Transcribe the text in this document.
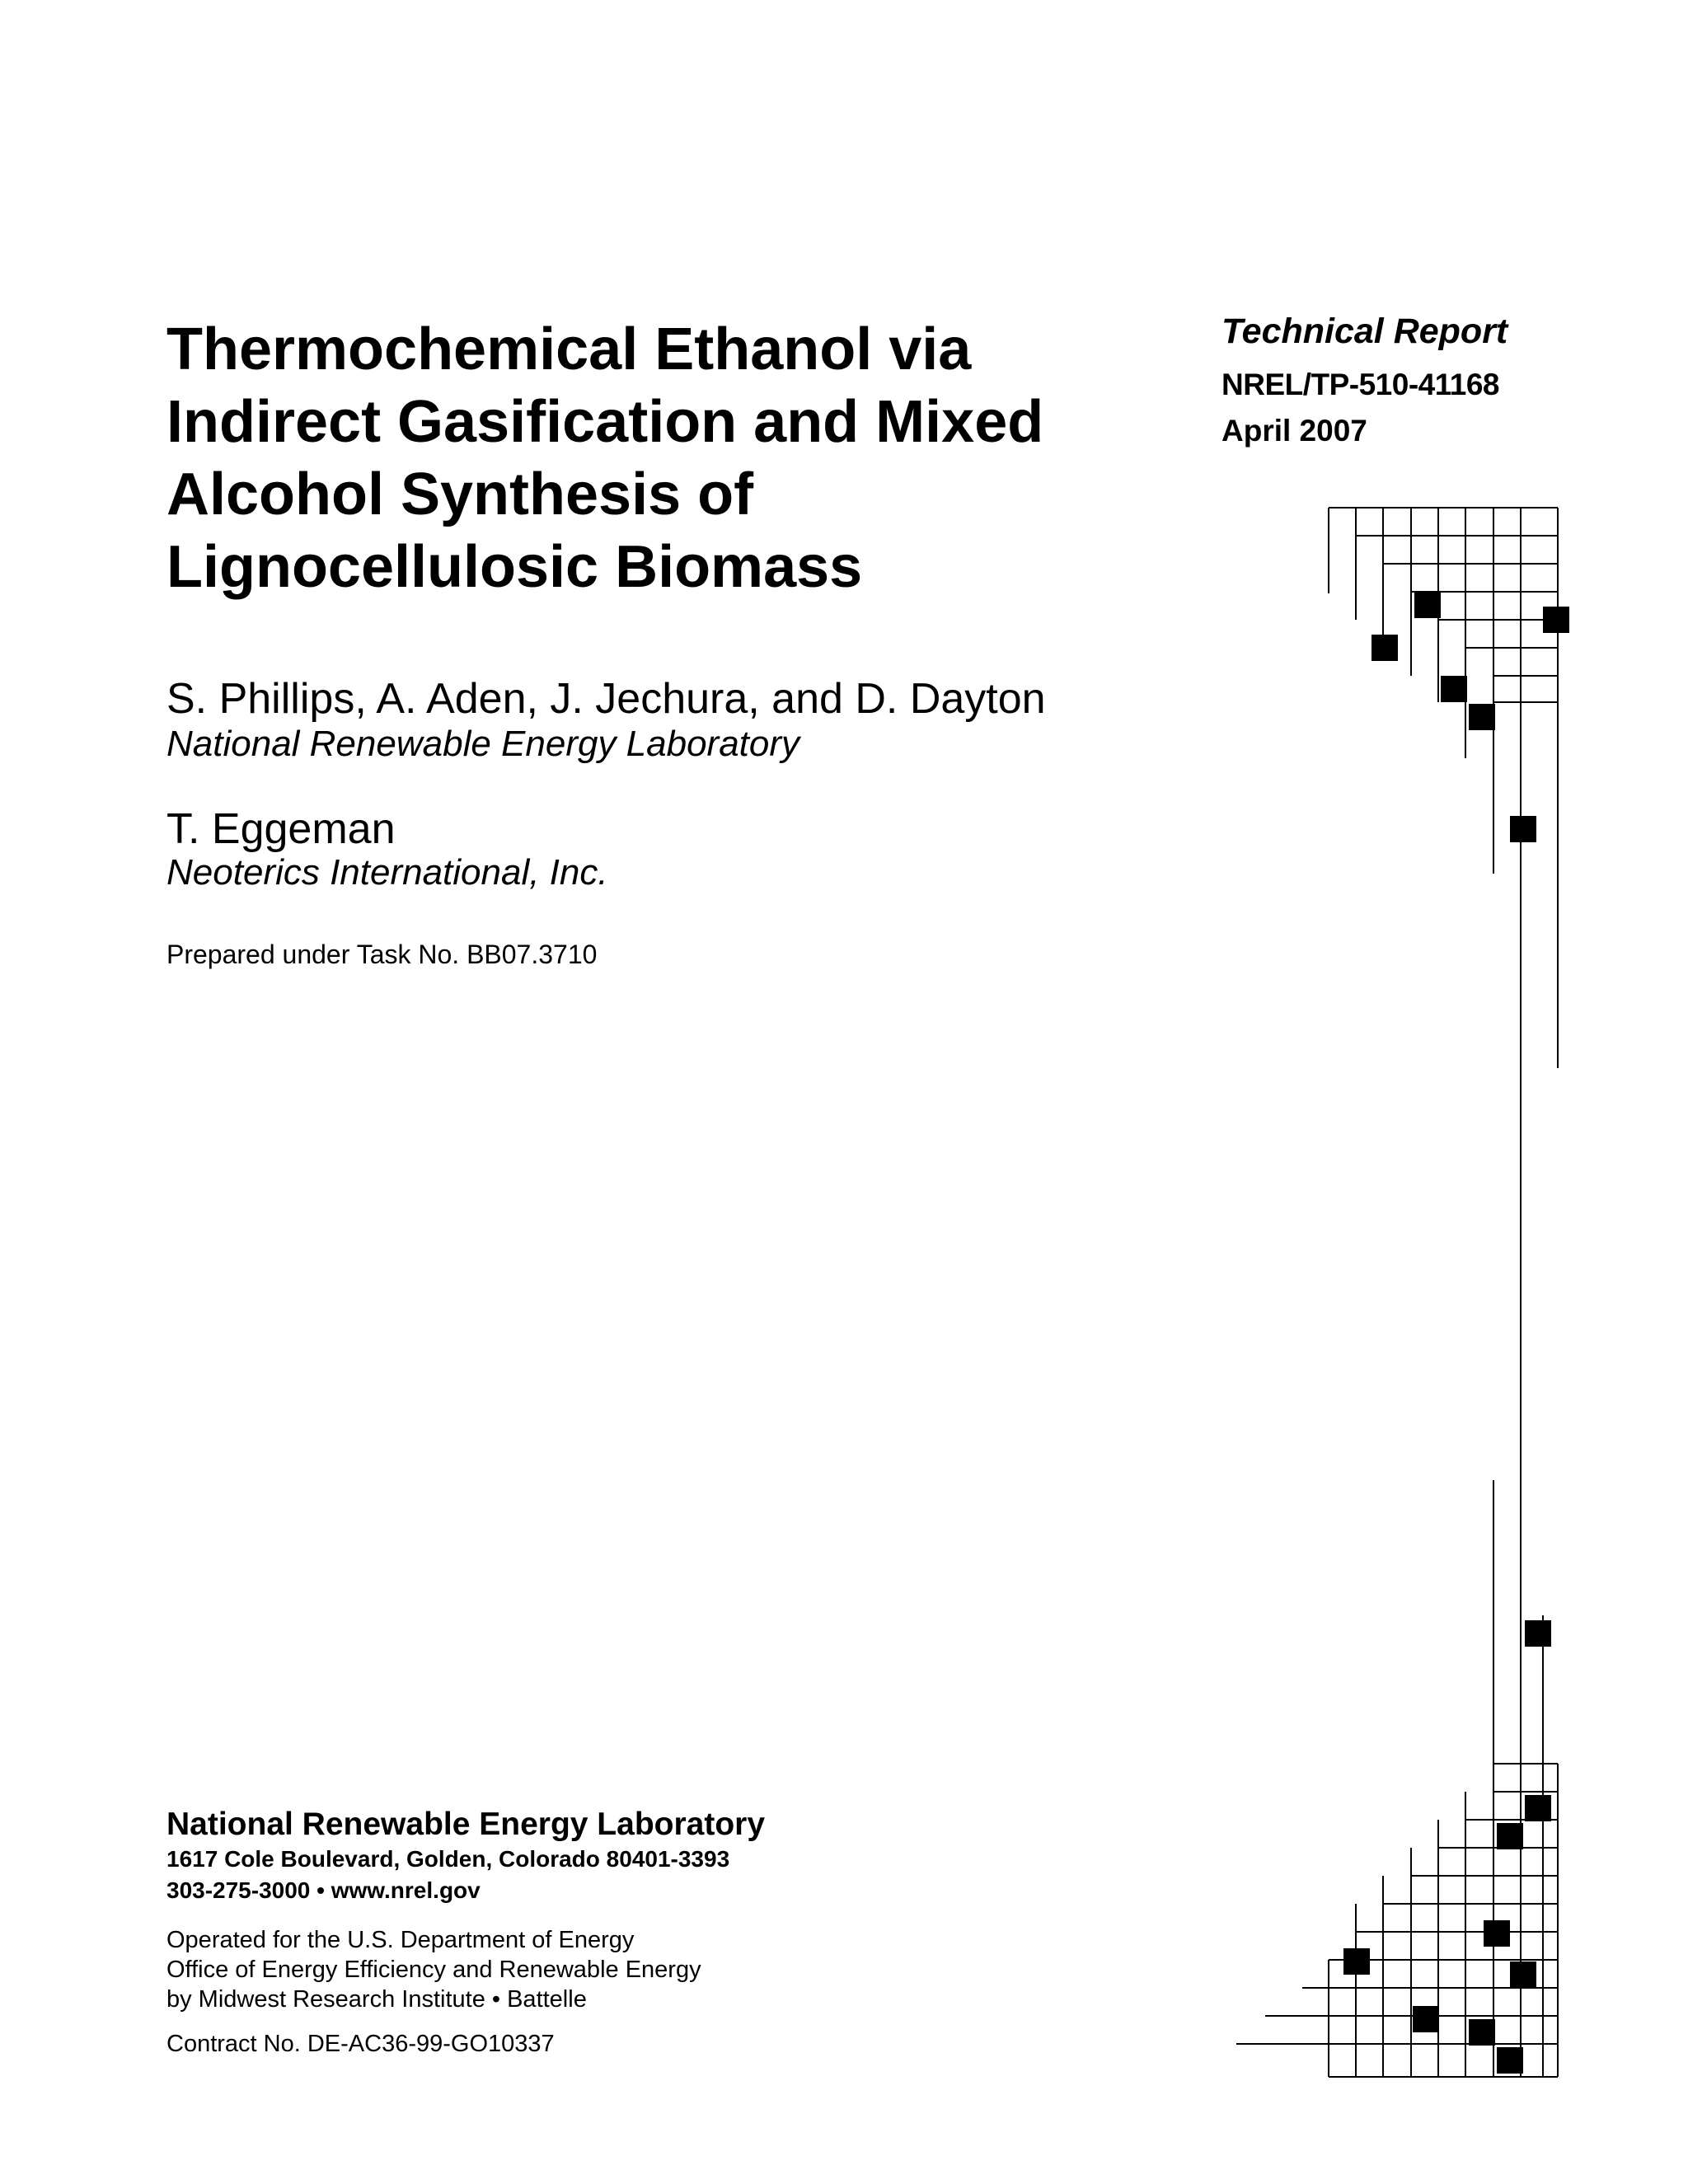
Thermochemical Ethanol via
Indirect Gasification and Mixed
Alcohol Synthesis of
Lignocellulosic Biomass
Technical Report
NREL/TP-510-41168
April 2007
S. Phillips, A. Aden, J. Jechura, and D. Dayton
National Renewable Energy Laboratory
T. Eggeman
Neoterics International, Inc.
Prepared under Task No. BB07.3710
National Renewable Energy Laboratory
1617 Cole Boulevard, Golden, Colorado 80401-3393
303-275-3000 • www.nrel.gov
Operated for the U.S. Department of Energy
Office of Energy Efficiency and Renewable Energy
by Midwest Research Institute • Battelle
Contract No. DE-AC36-99-GO10337
